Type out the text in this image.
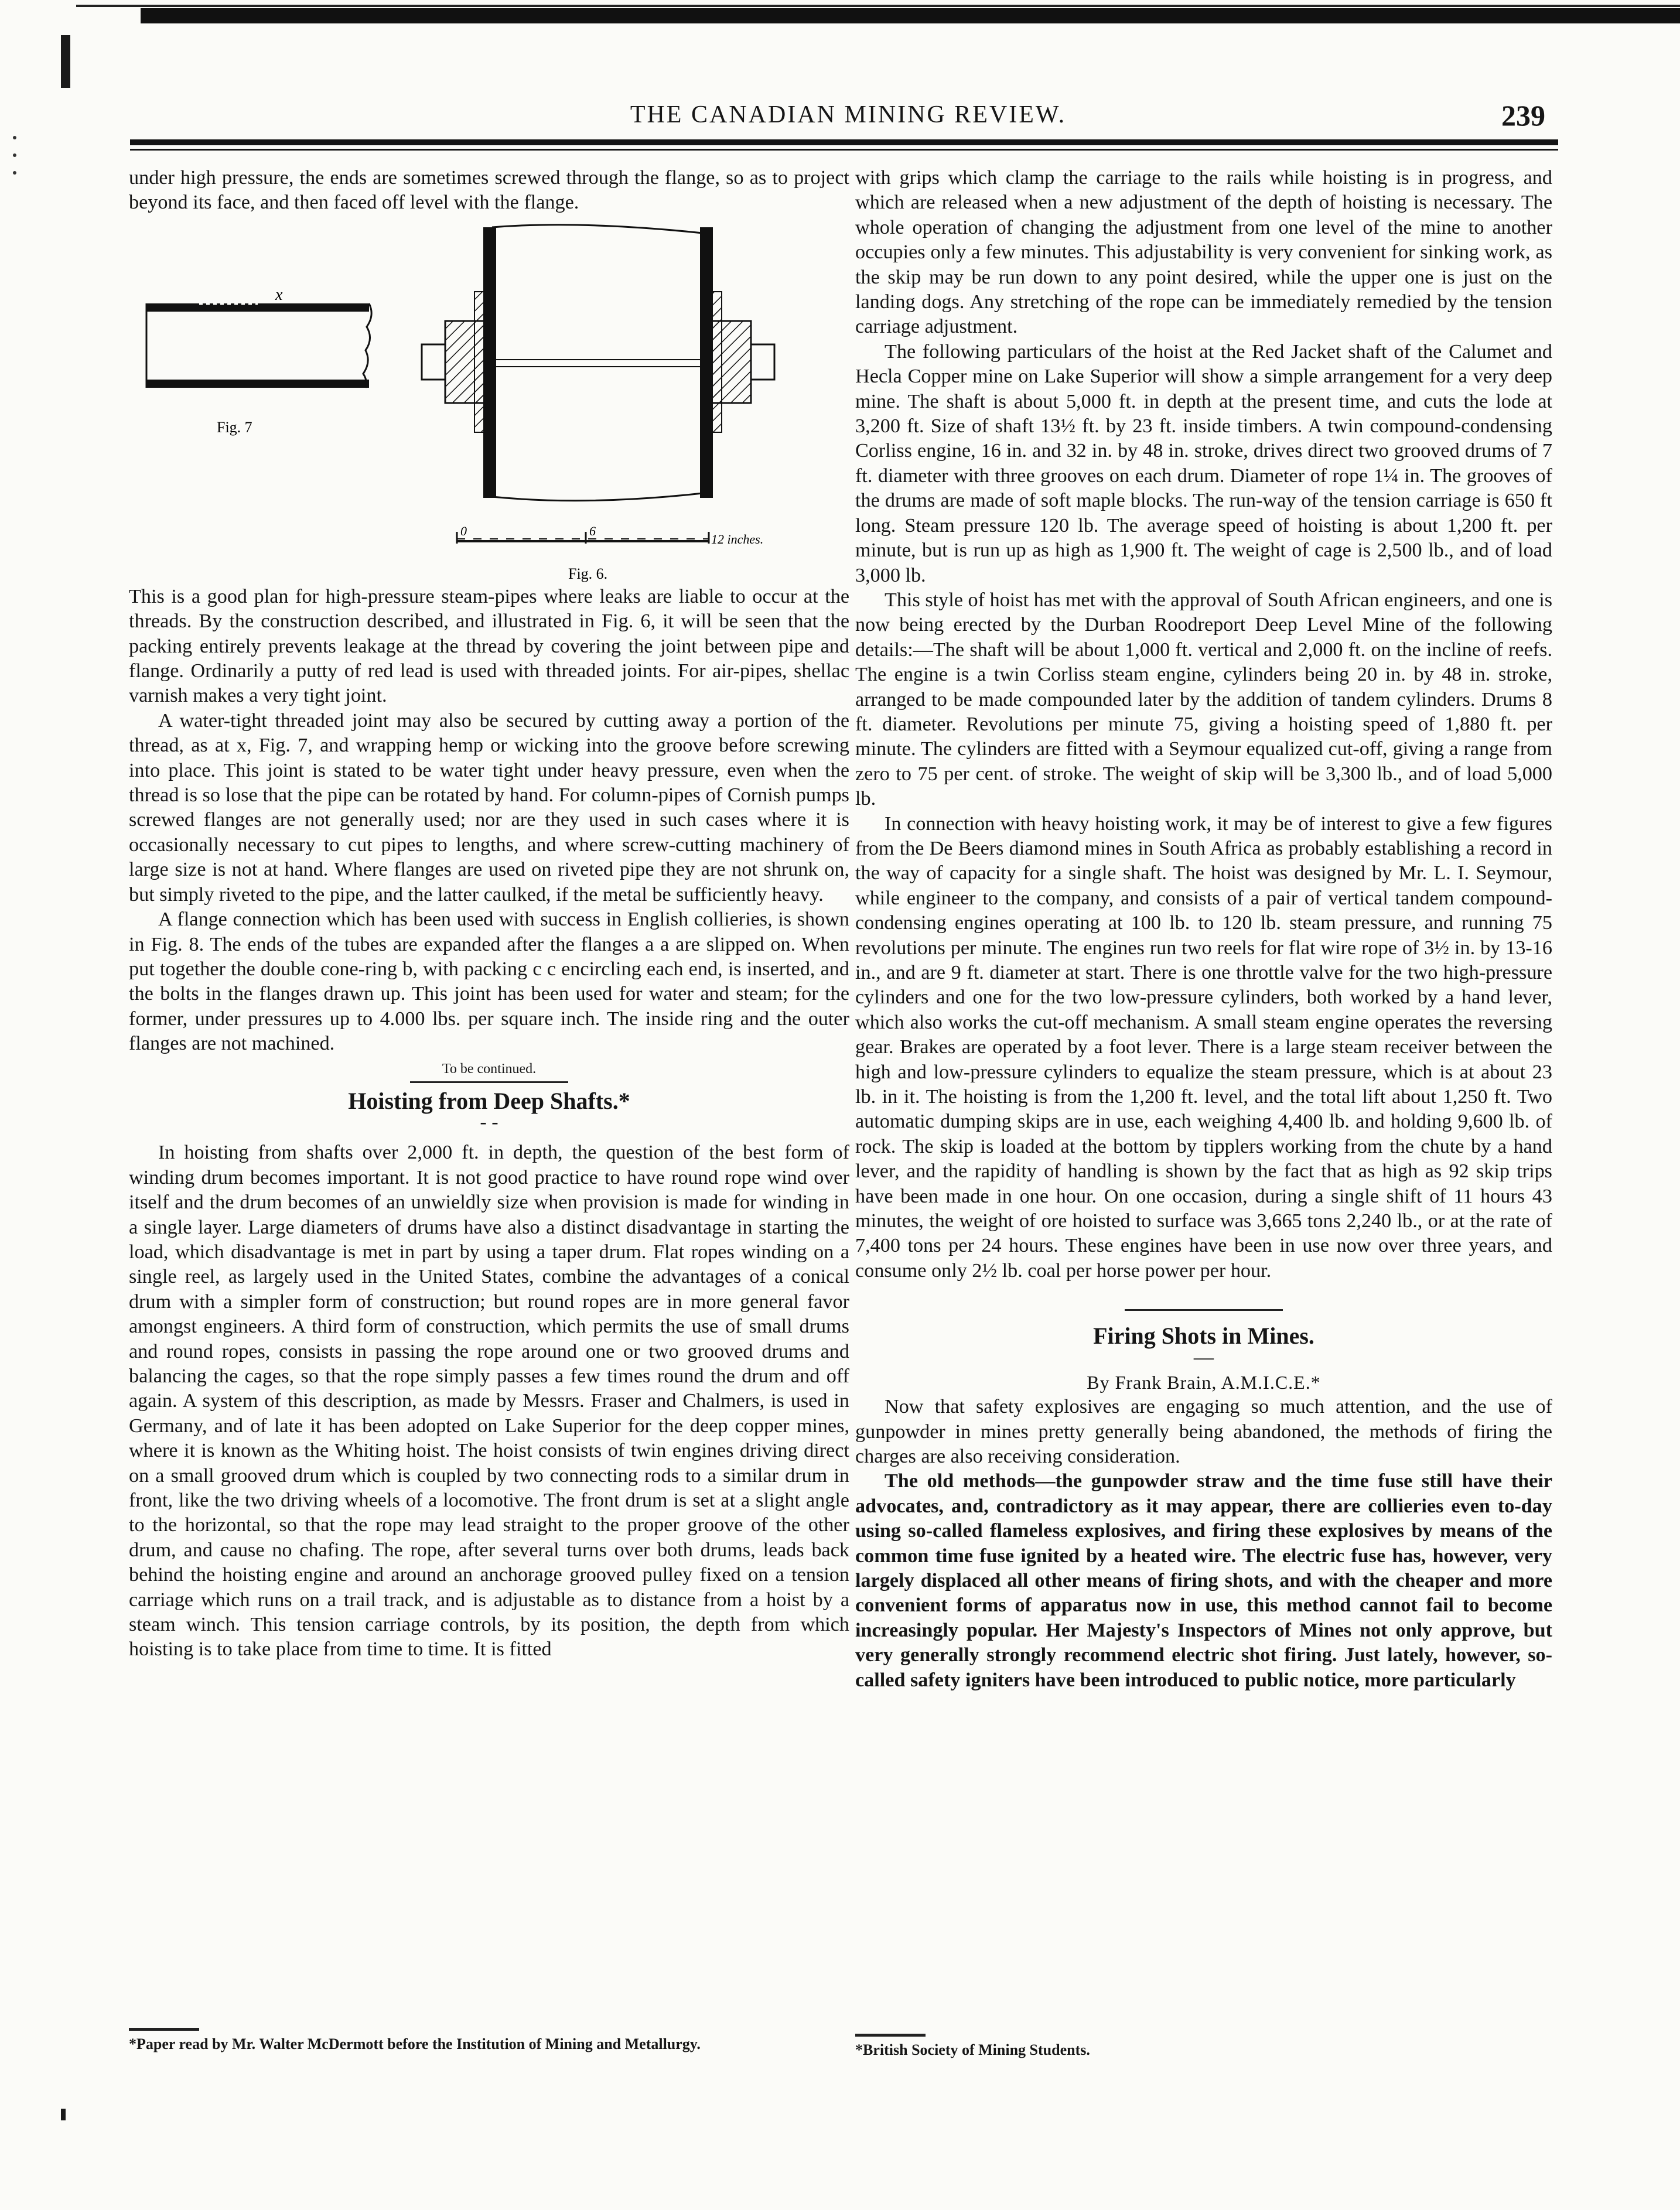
THE CANADIAN MINING REVIEW.	239

under high pressure, the ends are sometimes screwed through the flange, so as to project beyond its face, and then faced off level with the flange.

x
Fig. 7
0	6
12 inches.
Fig. 6.

This is a good plan for high-pressure steam-pipes where leaks are liable to occur at the threads. By the construction described, and illustrated in Fig. 6, it will be seen that the packing entirely prevents leakage at the thread by covering the joint between pipe and flange. Ordinarily a putty of red lead is used with threaded joints. For air-pipes, shellac varnish makes a very tight joint.

A water-tight threaded joint may also be secured by cutting away a portion of the thread, as at x, Fig. 7, and wrapping hemp or wicking into the groove before screwing into place. This joint is stated to be water tight under heavy pressure, even when the thread is so lose that the pipe can be rotated by hand. For column-pipes of Cornish pumps screwed flanges are not generally used; nor are they used in such cases where it is occasionally necessary to cut pipes to lengths, and where screw-cutting machinery of large size is not at hand. Where flanges are used on riveted pipe they are not shrunk on, but simply riveted to the pipe, and the latter caulked, if the metal be sufficiently heavy.

A flange connection which has been used with success in English collieries, is shown in Fig. 8. The ends of the tubes are expanded after the flanges a a are slipped on. When put together the double cone-ring b, with packing c c encircling each end, is inserted, and the bolts in the flanges drawn up. This joint has been used for water and steam; for the former, under pressures up to 4.000 lbs. per square inch. The inside ring and the outer flanges are not machined.

To be continued.
Hoisting from Deep Shafts.*
- -

In hoisting from shafts over 2,000 ft. in depth, the question of the best form of winding drum becomes important. It is not good practice to have round rope wind over itself and the drum becomes of an unwieldly size when provision is made for winding in a single layer. Large diameters of drums have also a distinct disadvantage in starting the load, which disadvantage is met in part by using a taper drum. Flat ropes winding on a single reel, as largely used in the United States, combine the advantages of a conical drum with a simpler form of construction; but round ropes are in more general favor amongst engineers. A third form of construction, which permits the use of small drums and round ropes, consists in passing the rope around one or two grooved drums and balancing the cages, so that the rope simply passes a few times round the drum and off again. A system of this description, as made by Messrs. Fraser and Chalmers, is used in Germany, and of late it has been adopted on Lake Superior for the deep copper mines, where it is known as the Whiting hoist. The hoist consists of twin engines driving direct on a small grooved drum which is coupled by two connecting rods to a similar drum in front, like the two driving wheels of a locomotive. The front drum is set at a slight angle to the horizontal, so that the rope may lead straight to the proper groove of the other drum, and cause no chafing. The rope, after several turns over both drums, leads back behind the hoisting engine and around an anchorage grooved pulley fixed on a tension carriage which runs on a trail track, and is adjustable as to distance from a hoist by a steam winch. This tension carriage controls, by its position, the depth from which hoisting is to take place from time to time. It is fitted

*Paper read by Mr. Walter McDermott before the Institution of Mining and Metallurgy.

with grips which clamp the carriage to the rails while hoisting is in progress, and which are released when a new adjustment of the depth of hoisting is necessary. The whole operation of changing the adjustment from one level of the mine to another occupies only a few minutes. This adjustability is very convenient for sinking work, as the skip may be run down to any point desired, while the upper one is just on the landing dogs. Any stretching of the rope can be immediately remedied by the tension carriage adjustment.

The following particulars of the hoist at the Red Jacket shaft of the Calumet and Hecla Copper mine on Lake Superior will show a simple arrangement for a very deep mine. The shaft is about 5,000 ft. in depth at the present time, and cuts the lode at 3,200 ft. Size of shaft 13½ ft. by 23 ft. inside timbers. A twin compound-condensing Corliss engine, 16 in. and 32 in. by 48 in. stroke, drives direct two grooved drums of 7 ft. diameter with three grooves on each drum. Diameter of rope 1¼ in. The grooves of the drums are made of soft maple blocks. The run-way of the tension carriage is 650 ft long. Steam pressure 120 lb. The average speed of hoisting is about 1,200 ft. per minute, but is run up as high as 1,900 ft. The weight of cage is 2,500 lb., and of load 3,000 lb.

This style of hoist has met with the approval of South African engineers, and one is now being erected by the Durban Roodreport Deep Level Mine of the following details:—The shaft will be about 1,000 ft. vertical and 2,000 ft. on the incline of reefs. The engine is a twin Corliss steam engine, cylinders being 20 in. by 48 in. stroke, arranged to be made compounded later by the addition of tandem cylinders. Drums 8 ft. diameter. Revolutions per minute 75, giving a hoisting speed of 1,880 ft. per minute. The cylinders are fitted with a Seymour equalized cut-off, giving a range from zero to 75 per cent. of stroke. The weight of skip will be 3,300 lb., and of load 5,000 lb.

In connection with heavy hoisting work, it may be of interest to give a few figures from the De Beers diamond mines in South Africa as probably establishing a record in the way of capacity for a single shaft. The hoist was designed by Mr. L. I. Seymour, while engineer to the company, and consists of a pair of vertical tandem compound-condensing engines operating at 100 lb. to 120 lb. steam pressure, and running 75 revolutions per minute. The engines run two reels for flat wire rope of 3½ in. by 13-16 in., and are 9 ft. diameter at start. There is one throttle valve for the two high-pressure cylinders and one for the two low-pressure cylinders, both worked by a hand lever, which also works the cut-off mechanism. A small steam engine operates the reversing gear. Brakes are operated by a foot lever. There is a large steam receiver between the high and low-pressure cylinders to equalize the steam pressure, which is at about 23 lb. in it. The hoisting is from the 1,200 ft. level, and the total lift about 1,250 ft. Two automatic dumping skips are in use, each weighing 4,400 lb. and holding 9,600 lb. of rock. The skip is loaded at the bottom by tipplers working from the chute by a hand lever, and the rapidity of handling is shown by the fact that as high as 92 skip trips have been made in one hour. On one occasion, during a single shift of 11 hours 43 minutes, the weight of ore hoisted to surface was 3,665 tons 2,240 lb., or at the rate of 7,400 tons per 24 hours. These engines have been in use now over three years, and consume only 2½ lb. coal per horse power per hour.

Firing Shots in Mines.
—
By Frank Brain, A.M.I.C.E.*

Now that safety explosives are engaging so much attention, and the use of gunpowder in mines pretty generally being abandoned, the methods of firing the charges are also receiving consideration.

The old methods—the gunpowder straw and the time fuse still have their advocates, and, contradictory as it may appear, there are collieries even to-day using so-called flameless explosives, and firing these explosives by means of the common time fuse ignited by a heated wire. The electric fuse has, however, very largely displaced all other means of firing shots, and with the cheaper and more convenient forms of apparatus now in use, this method cannot fail to become increasingly popular. Her Majesty's Inspectors of Mines not only approve, but very generally strongly recommend electric shot firing. Just lately, however, so-called safety igniters have been introduced to public notice, more particularly

*British Society of Mining Students.
